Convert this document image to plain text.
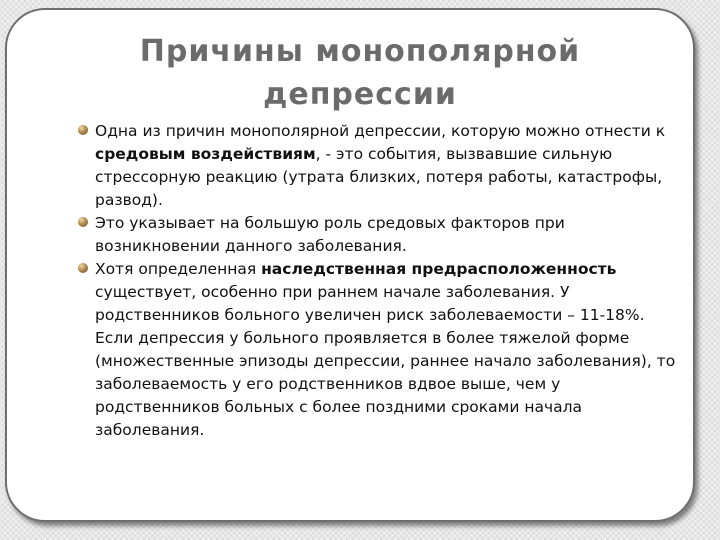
Причины монополярной депрессии
Одна из причин монополярной депрессии, которую можно отнести к средовым воздействиям, - это события, вызвавшие сильную стрессорную реакцию (утрата близких, потеря работы, катастрофы, развод).
Это указывает на большую роль средовых факторов при возникновении данного заболевания.
Хотя определенная наследственная предрасположенность существует, особенно при раннем начале заболевания. У родственников больного увеличен риск заболеваемости – 11-18%. Если депрессия у больного проявляется в более тяжелой форме (множественные эпизоды депрессии, раннее начало заболевания), то заболеваемость у его родственников вдвое выше, чем у родственников больных с более поздними сроками начала заболевания.
